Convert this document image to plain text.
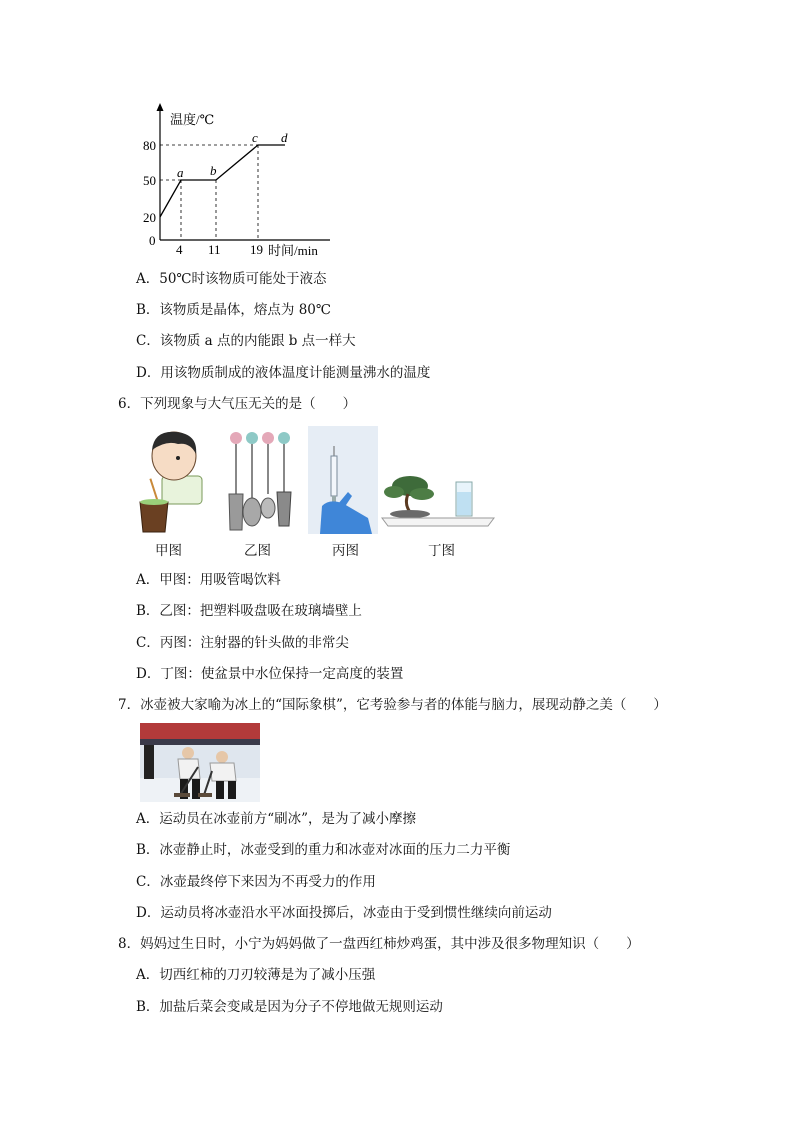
温度/℃
80
50
20
0
4 11 19 时间/min
a b
c d
A．50℃时该物质可能处于液态
B．该物质是晶体，熔点为 80℃
C．该物质 a 点的内能跟 b 点一样大
D．用该物质制成的液体温度计能测量沸水的温度
6．下列现象与大气压无关的是（　　）
甲图	乙图	丙图	丁图
A．甲图：用吸管喝饮料
B．乙图：把塑料吸盘吸在玻璃墙壁上
C．丙图：注射器的针头做的非常尖
D．丁图：使盆景中水位保持一定高度的装置
7．冰壶被大家喻为冰上的“国际象棋”，它考验参与者的体能与脑力，展现动静之美（　　）
A．运动员在冰壶前方“刷冰”，是为了减小摩擦
B．冰壶静止时，冰壶受到的重力和冰壶对冰面的压力二力平衡
C．冰壶最终停下来因为不再受力的作用
D．运动员将冰壶沿水平冰面投掷后，冰壶由于受到惯性继续向前运动
8．妈妈过生日时，小宁为妈妈做了一盘西红柿炒鸡蛋，其中涉及很多物理知识（　　）
A．切西红柿的刀刃较薄是为了减小压强
B．加盐后菜会变咸是因为分子不停地做无规则运动
